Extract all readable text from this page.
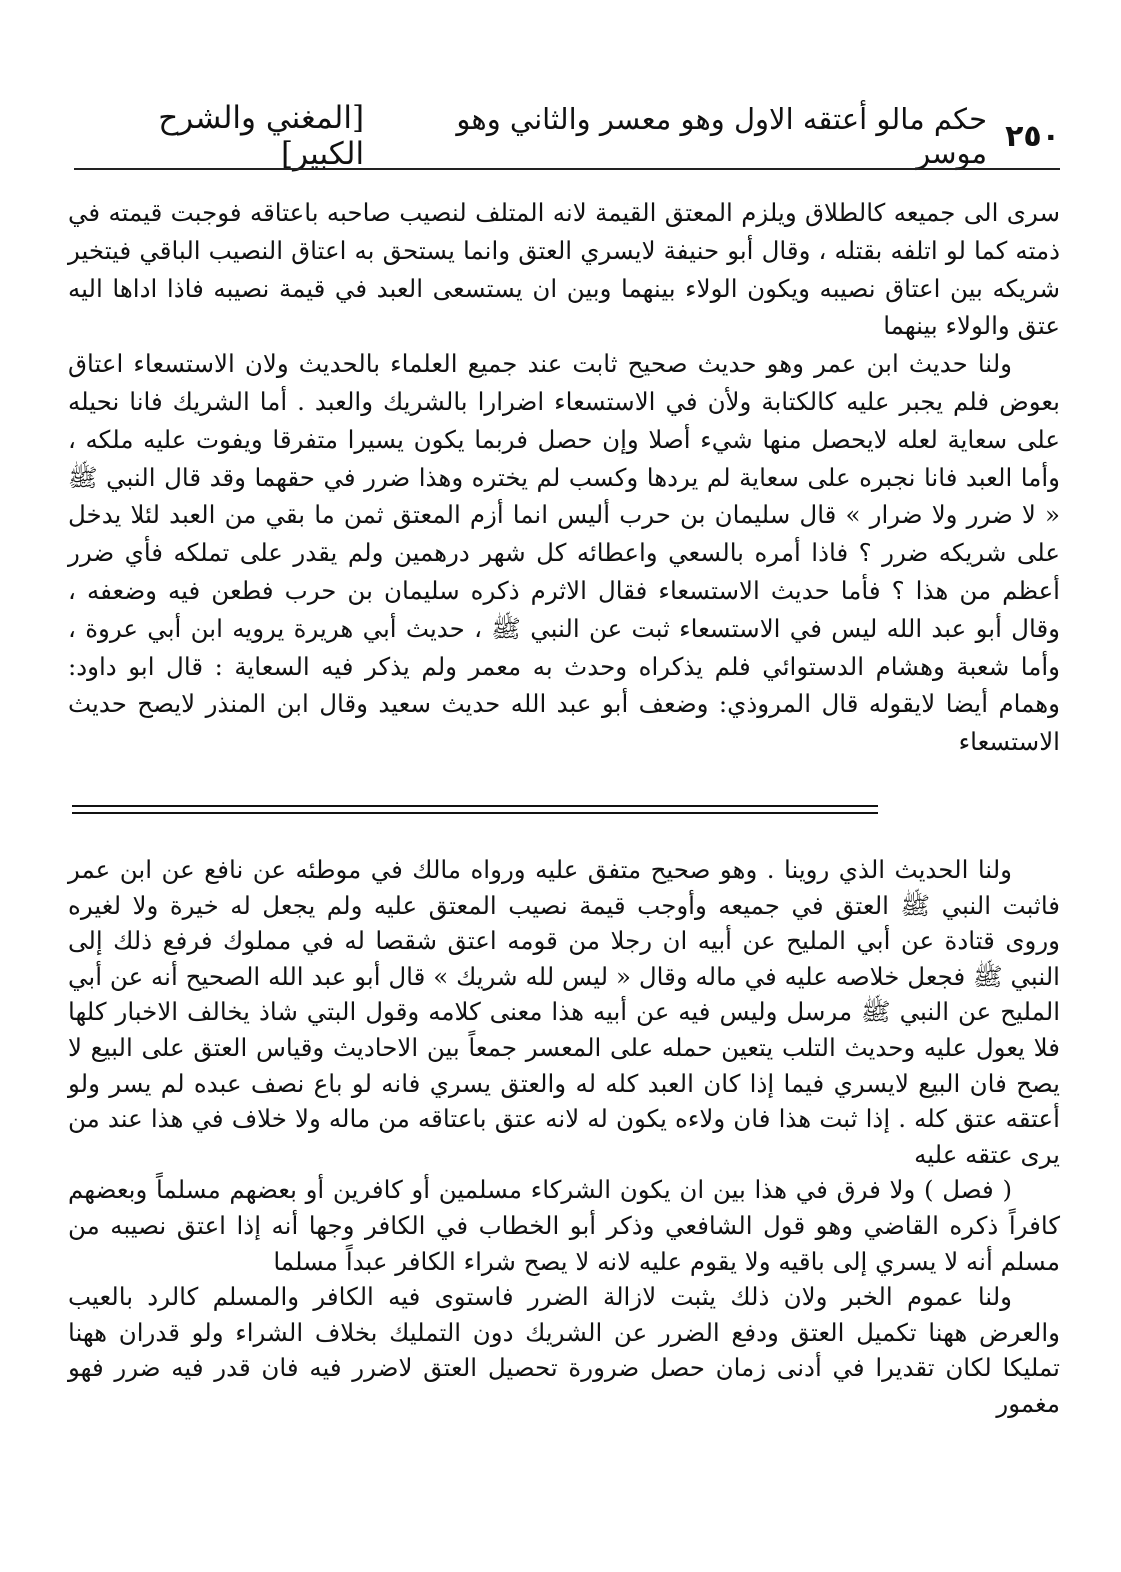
٢٥٠
حكم مالو أعتقه الاول وهو معسر والثاني وهو موسر
[المغني والشرح الكبير]

سرى الى جميعه كالطلاق ويلزم المعتق القيمة لانه المتلف لنصيب صاحبه باعتاقه فوجبت قيمته في ذمته كما لو اتلفه بقتله ، وقال أبو حنيفة لايسري العتق وانما يستحق به اعتاق النصيب الباقي فيتخير شريكه بين اعتاق نصيبه ويكون الولاء بينهما وبين ان يستسعى العبد في قيمة نصيبه فاذا اداها اليه عتق والولاء بينهما

ولنا حديث ابن عمر وهو حديث صحيح ثابت عند جميع العلماء بالحديث ولان الاستسعاء اعتاق بعوض فلم يجبر عليه كالكتابة ولأن في الاستسعاء اضرارا بالشريك والعبد . أما الشريك فانا نحيله على سعاية لعله لايحصل منها شيء أصلا وإن حصل فربما يكون يسيرا متفرقا ويفوت عليه ملكه ، وأما العبد فانا نجبره على سعاية لم يردها وكسب لم يختره وهذا ضرر في حقهما وقد قال النبي ﷺ « لا ضرر ولا ضرار » قال سليمان بن حرب أليس انما أزم المعتق ثمن ما بقي من العبد لئلا يدخل على شريكه ضرر ؟ فاذا أمره بالسعي واعطائه كل شهر درهمين ولم يقدر على تملكه فأي ضرر أعظم من هذا ؟ فأما حديث الاستسعاء فقال الاثرم ذكره سليمان بن حرب فطعن فيه وضعفه ، وقال أبو عبد الله ليس في الاستسعاء ثبت عن النبي ﷺ ، حديث أبي هريرة يرويه ابن أبي عروة ، وأما شعبة وهشام الدستوائي فلم يذكراه وحدث به معمر ولم يذكر فيه السعاية : قال ابو داود: وهمام أيضا لايقوله قال المروذي: وضعف أبو عبد الله حديث سعيد وقال ابن المنذر لايصح حديث الاستسعاء

ولنا الحديث الذي روينا . وهو صحيح متفق عليه ورواه مالك في موطئه عن نافع عن ابن عمر فاثبت النبي ﷺ العتق في جميعه وأوجب قيمة نصيب المعتق عليه ولم يجعل له خيرة ولا لغيره وروى قتادة عن أبي المليح عن أبيه ان رجلا من قومه اعتق شقصا له في مملوك فرفع ذلك إلى النبي ﷺ فجعل خلاصه عليه في ماله وقال « ليس لله شريك » قال أبو عبد الله الصحيح أنه عن أبي المليح عن النبي ﷺ مرسل وليس فيه عن أبيه هذا معنى كلامه وقول البتي شاذ يخالف الاخبار كلها فلا يعول عليه وحديث التلب يتعين حمله على المعسر جمعاً بين الاحاديث وقياس العتق على البيع لا يصح فان البيع لايسري فيما إذا كان العبد كله له والعتق يسري فانه لو باع نصف عبده لم يسر ولو أعتقه عتق كله . إذا ثبت هذا فان ولاءه يكون له لانه عتق باعتاقه من ماله ولا خلاف في هذا عند من يرى عتقه عليه

( فصل ) ولا فرق في هذا بين ان يكون الشركاء مسلمين أو كافرين أو بعضهم مسلماً وبعضهم كافراً ذكره القاضي وهو قول الشافعي وذكر أبو الخطاب في الكافر وجها أنه إذا اعتق نصيبه من مسلم أنه لا يسري إلى باقيه ولا يقوم عليه لانه لا يصح شراء الكافر عبداً مسلما

ولنا عموم الخبر ولان ذلك يثبت لازالة الضرر فاستوى فيه الكافر والمسلم كالرد بالعيب والعرض ههنا تكميل العتق ودفع الضرر عن الشريك دون التمليك بخلاف الشراء ولو قدران ههنا تمليكا لكان تقديرا في أدنى زمان حصل ضرورة تحصيل العتق لاضرر فيه فان قدر فيه ضرر فهو مغمور
